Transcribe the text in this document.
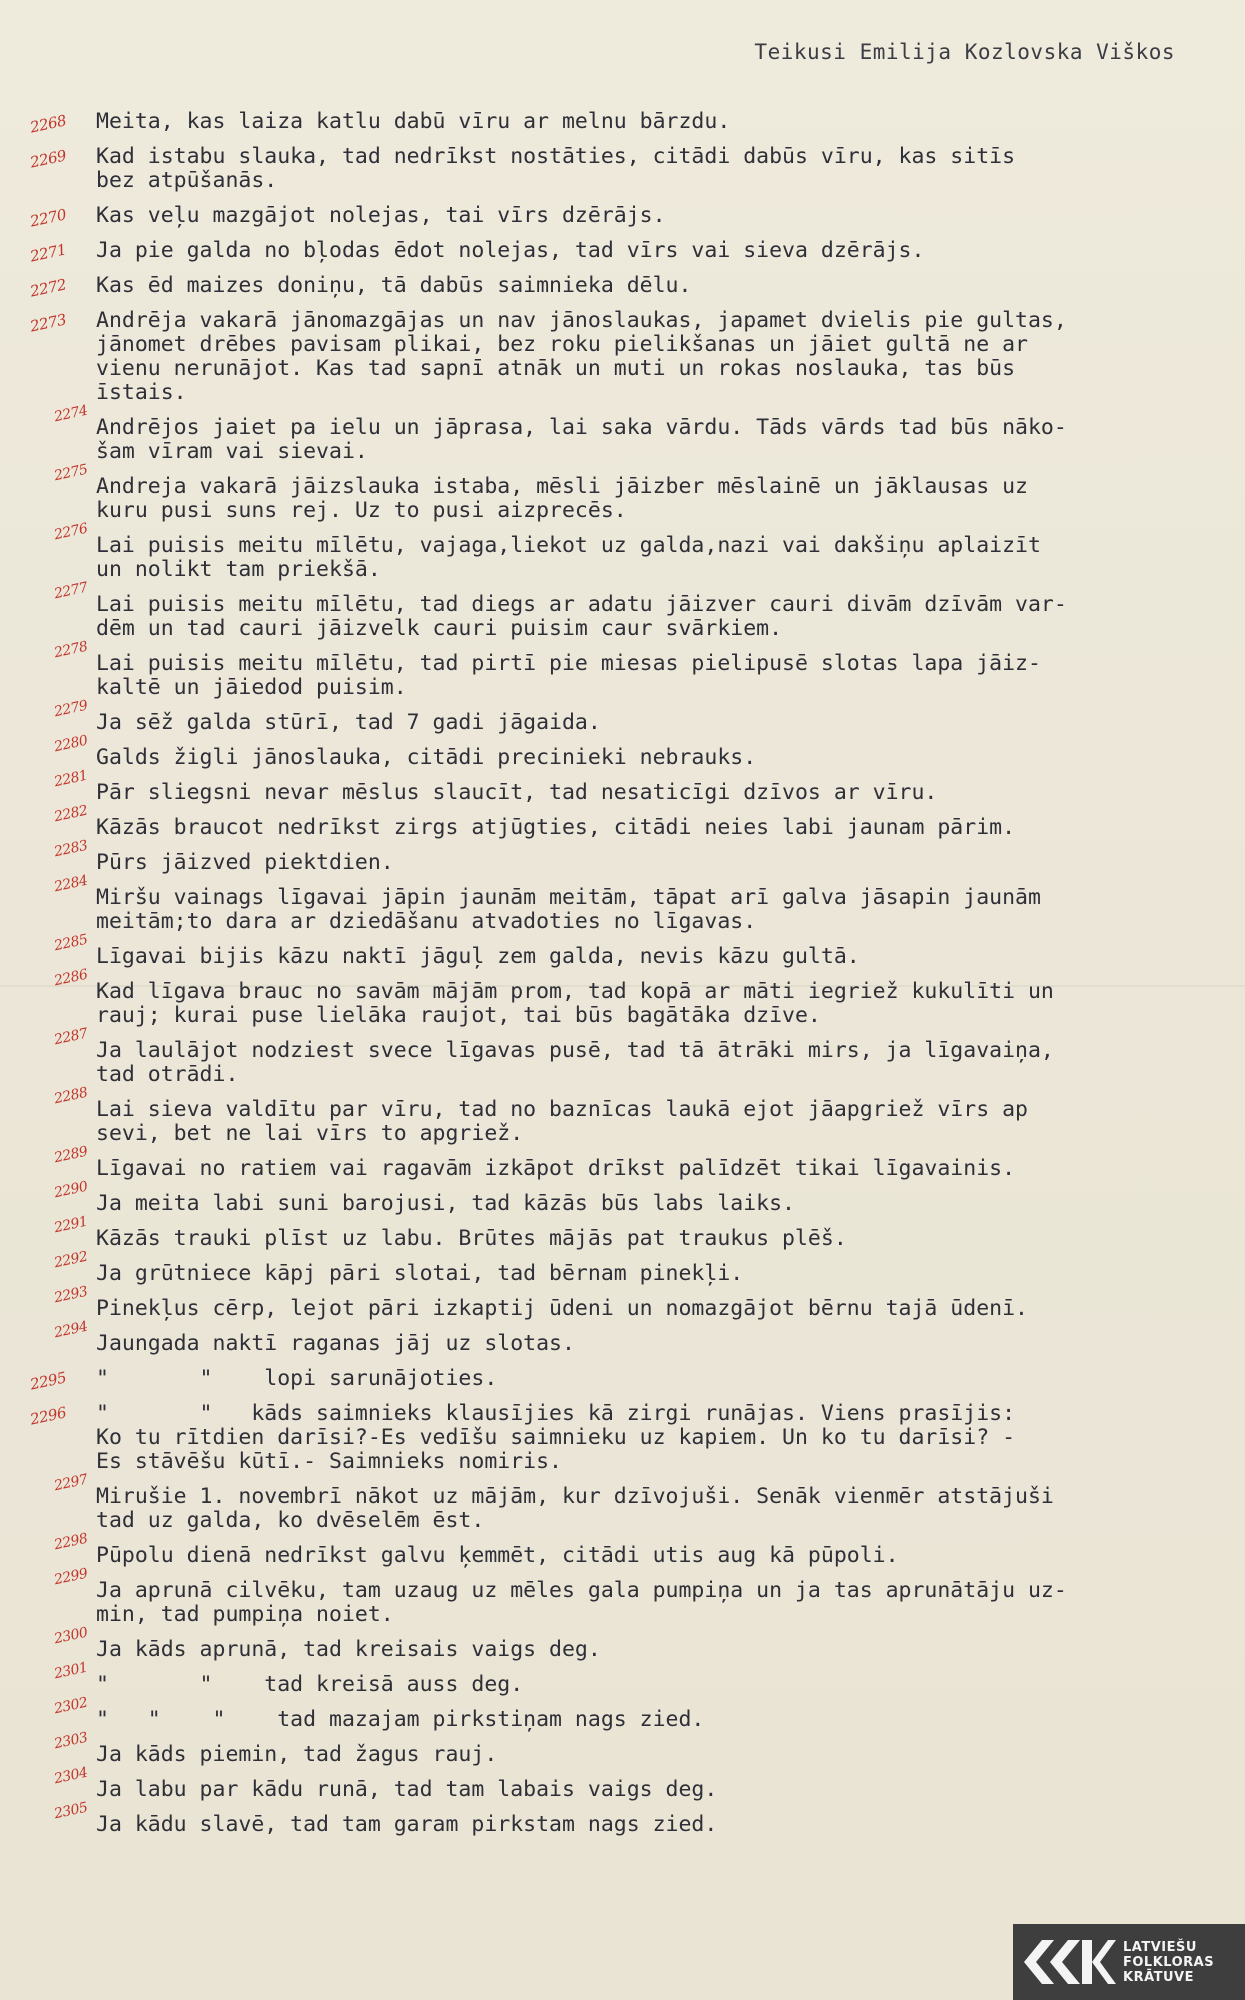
Teikusi Emilija Kozlovska Viškos
2268 Meita, kas laiza katlu dabū vīru ar melnu bārzdu.
2269 Kad istabu slauka, tad nedrīkst nostāties, citādi dabūs vīru, kas sitīs
bez atpūšanās.
2270 Kas veļu mazgājot nolejas, tai vīrs dzērājs.
2271 Ja pie galda no bļodas ēdot nolejas, tad vīrs vai sieva dzērājs.
2272 Kas ēd maizes doniņu, tā dabūs saimnieka dēlu.
2273 Andrēja vakarā jānomazgājas un nav jānoslaukas, japamet dvielis pie gultas,
jānomet drēbes pavisam plikai, bez roku pielikšanas un jāiet gultā ne ar
vienu nerunājot. Kas tad sapnī atnāk un muti un rokas noslauka, tas būs
īstais.
2274
Andrējos jaiet pa ielu un jāprasa, lai saka vārdu. Tāds vārds tad būs nāko-
šam vīram vai sievai.
2275
Andreja vakarā jāizslauka istaba, mēsli jāizber mēslainē un jāklausas uz
kuru pusi suns rej. Uz to pusi aizprecēs.
2276
Lai puisis meitu mīlētu, vajaga,liekot uz galda,nazi vai dakšiņu aplaizīt
un nolikt tam priekšā.
2277
Lai puisis meitu mīlētu, tad diegs ar adatu jāizver cauri divām dzīvām var-
dēm un tad cauri jāizvelk cauri puisim caur svārkiem.
2278
Lai puisis meitu mīlētu, tad pirtī pie miesas pielipusē slotas lapa jāiz-
kaltē un jāiedod puisim.
2279
Ja sēž galda stūrī, tad 7 gadi jāgaida.
2280
Galds žigli jānoslauka, citādi precinieki nebrauks.
2281
Pār sliegsni nevar mēslus slaucīt, tad nesaticīgi dzīvos ar vīru.
2282
Kāzās braucot nedrīkst zirgs atjūgties, citādi neies labi jaunam pārim.
2283
Pūrs jāizved piektdien.
2284
Miršu vainags līgavai jāpin jaunām meitām, tāpat arī galva jāsapin jaunām
meitām;to dara ar dziedāšanu atvadoties no līgavas.
2285
Līgavai bijis kāzu naktī jāguļ zem galda, nevis kāzu gultā.
2286
Kad līgava brauc no savām mājām prom, tad kopā ar māti iegriež kukulīti un
rauj; kurai puse lielāka raujot, tai būs bagātāka dzīve.
2287
Ja laulājot nodziest svece līgavas pusē, tad tā ātrāki mirs, ja līgavaiņa,
tad otrādi.
2288
Lai sieva valdītu par vīru, tad no baznīcas laukā ejot jāapgriež vīrs ap
sevi, bet ne lai vīrs to apgriež.
2289
Līgavai no ratiem vai ragavām izkāpot drīkst palīdzēt tikai līgavainis.
2290
Ja meita labi suni barojusi, tad kāzās būs labs laiks.
2291
Kāzās trauki plīst uz labu. Brūtes mājās pat traukus plēš.
2292
Ja grūtniece kāpj pāri slotai, tad bērnam pinekļi.
2293
Pinekļus cērp, lejot pāri izkaptij ūdeni un nomazgājot bērnu tajā ūdenī.
2294
Jaungada naktī raganas jāj uz slotas.
2295 "       "    lopi sarunājoties.
2296 "       "   kāds saimnieks klausījies kā zirgi runājas. Viens prasījis:
Ko tu rītdien darīsi?-Es vedīšu saimnieku uz kapiem. Un ko tu darīsi? -
Es stāvēšu kūtī.- Saimnieks nomiris.
2297
Mirušie 1. novembrī nākot uz mājām, kur dzīvojuši. Senāk vienmēr atstājuši
tad uz galda, ko dvēselēm ēst.
2298
Pūpolu dienā nedrīkst galvu ķemmēt, citādi utis aug kā pūpoli.
2299
Ja aprunā cilvēku, tam uzaug uz mēles gala pumpiņa un ja tas aprunātāju uz-
min, tad pumpiņa noiet.
2300
Ja kāds aprunā, tad kreisais vaigs deg.
2301
"       "    tad kreisā auss deg.
2302
"   "    "    tad mazajam pirkstiņam nags zied.
2303
Ja kāds piemin, tad žagus rauj.
2304
Ja labu par kādu runā, tad tam labais vaigs deg.
2305
Ja kādu slavē, tad tam garam pirkstam nags zied.
LATVIEŠU
FOLKLORAS
KRĀTUVE
